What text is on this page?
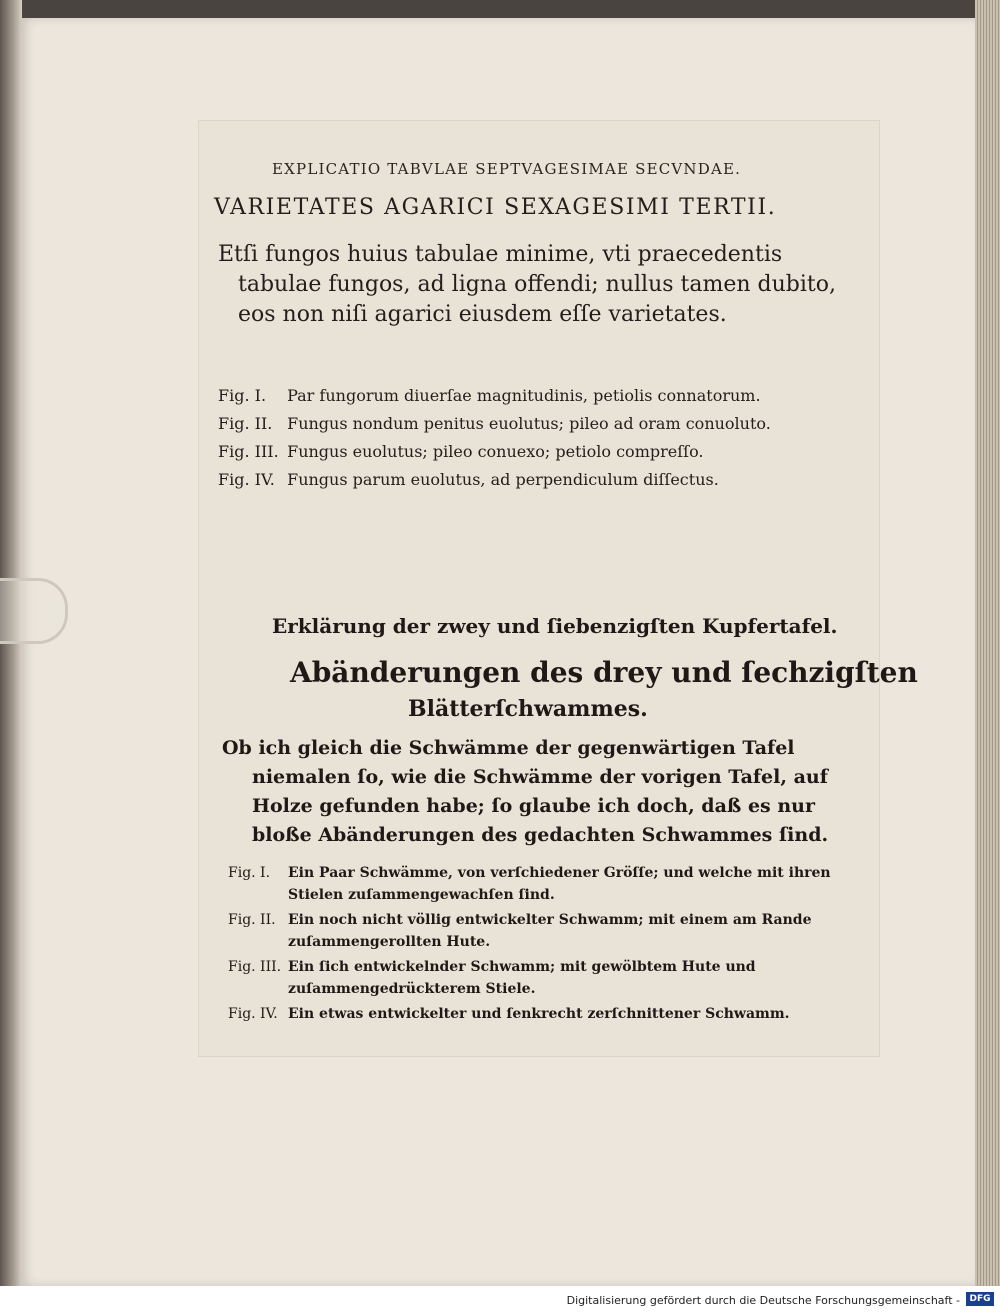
EXPLICATIO TABVLAE SEPTVAGESIMAE SECVNDAE.
VARIETATES AGARICI SEXAGESIMI TERTII.
Etſi fungos huius tabulae minime, vti praecedentis tabulae fungos, ad ligna offendi; nullus tamen dubito, eos non niſi agarici eiusdem eſſe varietates.
Fig. I. Par fungorum diuerſae magnitudinis, petiolis connatorum.
Fig. II. Fungus nondum penitus euolutus; pileo ad oram conuoluto.
Fig. III. Fungus euolutus; pileo conuexo; petiolo compreſſo.
Fig. IV. Fungus parum euolutus, ad perpendiculum diſſectus.
Erklärung der zwey und ſiebenzigſten Kupfertafel.
Abänderungen des drey und ſechzigſten
Blätterſchwammes.
Ob ich gleich die Schwämme der gegenwärtigen Tafel niemalen ſo, wie die Schwämme der vorigen Tafel, auf Holze gefunden habe; ſo glaube ich doch, daß es nur bloße Abänderungen des gedachten Schwammes ſind.
Fig. I.	Ein Paar Schwämme, von verſchiedener Gröſſe; und welche mit ihren Stielen zuſammengewachſen ſind.
Fig. II. Ein noch nicht völlig entwickelter Schwamm; mit einem am Rande zuſammengerollten Hute.
Fig. III. Ein ſich entwickelnder Schwamm; mit gewölbtem Hute und zuſammengedrückterem Stiele.
Fig. IV. Ein etwas entwickelter und ſenkrecht zerſchnittener Schwamm.
Digitalisierung gefördert durch die Deutsche Forschungsgemeinschaft -	DFG
